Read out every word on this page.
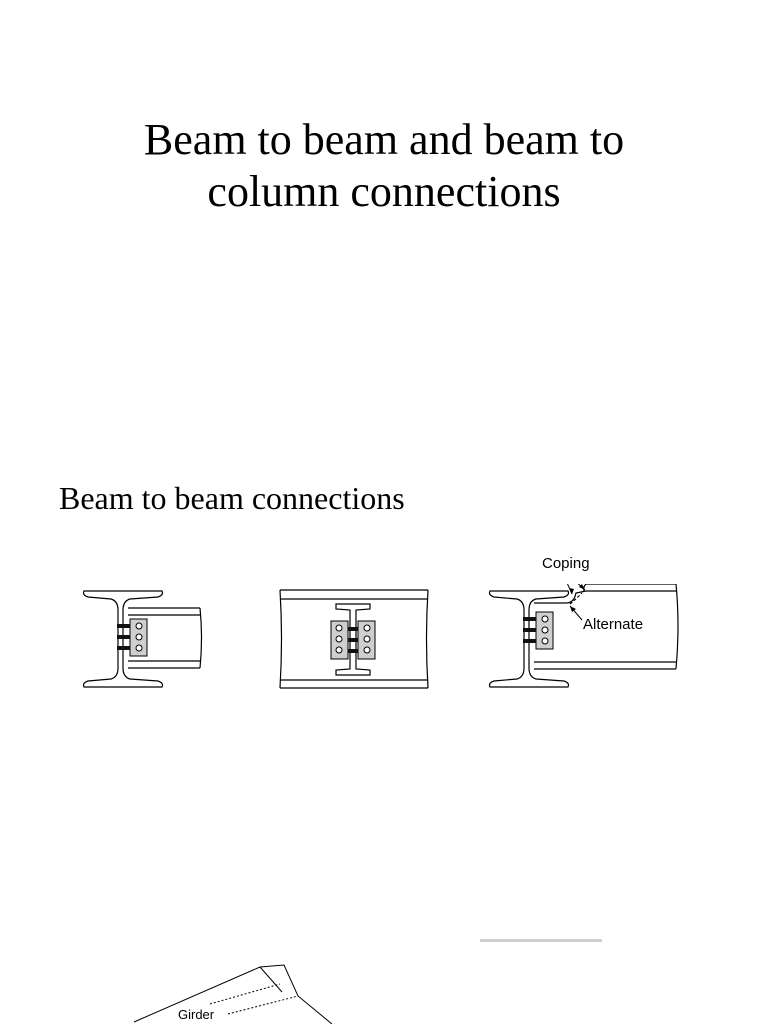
Beam to beam and beam to
column connections
Beam to beam connections
Coping
Alternate
Girder
